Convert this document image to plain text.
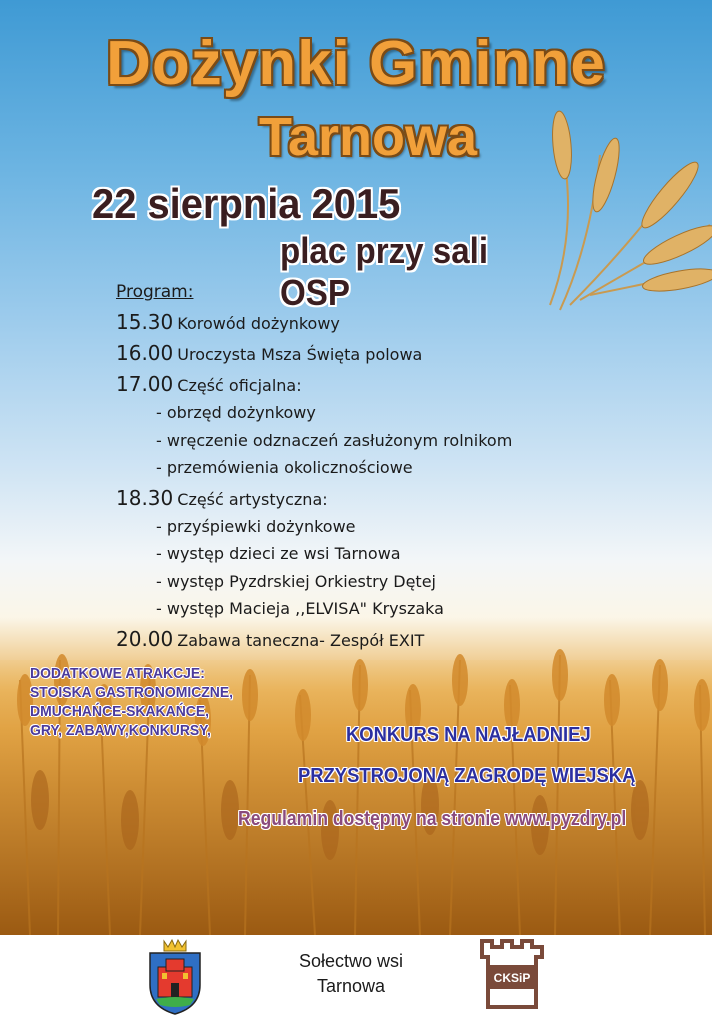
Dożynki Gminne
Tarnowa
22 sierpnia 2015
plac przy sali OSP
Program:
15.30 Korowód dożynkowy
16.00 Uroczysta Msza Święta polowa
17.00 Część oficjalna:
- obrzęd dożynkowy
- wręczenie odznaczeń zasłużonym rolnikom
- przemówienia okolicznościowe
18.30 Część artystyczna:
- przyśpiewki dożynkowe
- występ dzieci ze wsi Tarnowa
- występ Pyzdrskiej Orkiestry Dętej
- występ Macieja ,,ELVISA" Kryszaka
20.00 Zabawa taneczna- Zespół EXIT
DODATKOWE ATRAKCJE:
STOISKA GASTRONOMICZNE,
DMUCHAŃCE-SKAKAŃCE,
GRY, ZABAWY,KONKURSY,	KONKURS NA NAJŁADNIEJ
PRZYSTROJONĄ ZAGRODĘ WIEJSKĄ
Regulamin dostępny na stronie www.pyzdry.pl
Sołectwo wsi
Tarnowa	CKSiP
